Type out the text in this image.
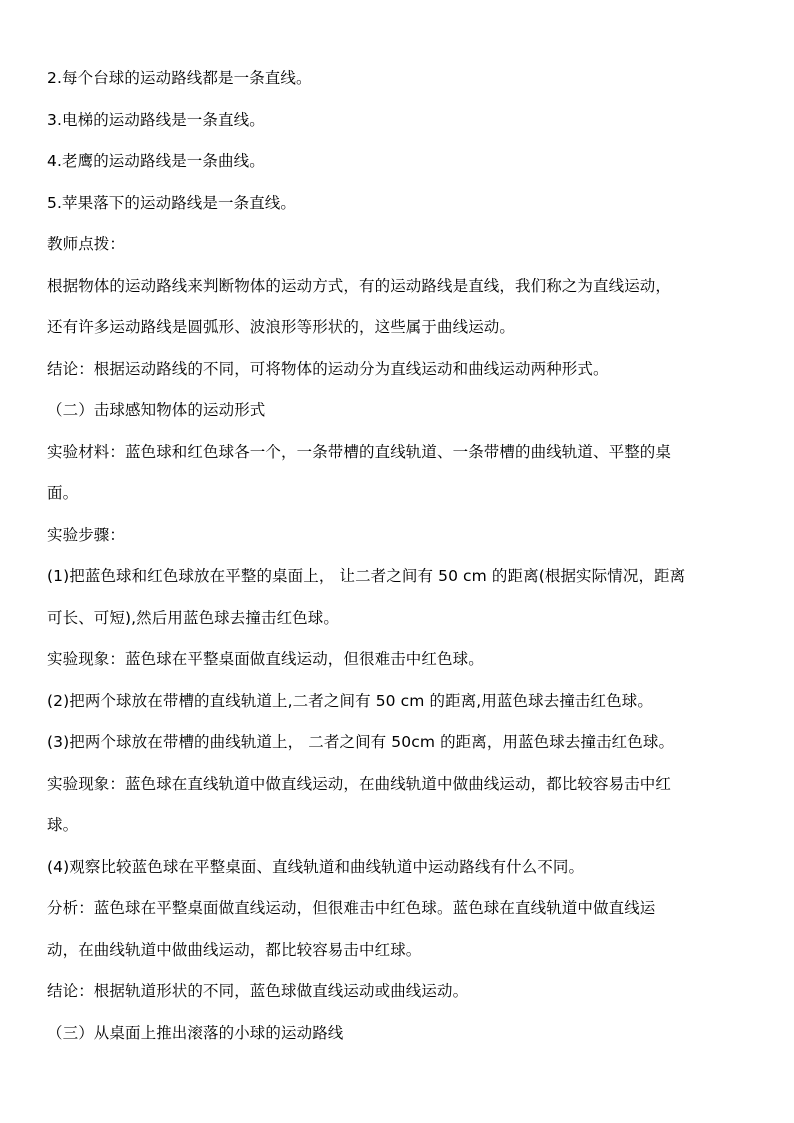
2.每个台球的运动路线都是一条直线。
3.电梯的运动路线是一条直线。
4.老鹰的运动路线是一条曲线。
5.苹果落下的运动路线是一条直线。
教师点拨：
根据物体的运动路线来判断物体的运动方式，有的运动路线是直线，我们称之为直线运动，
还有许多运动路线是圆弧形、波浪形等形状的，这些属于曲线运动。
结论：根据运动路线的不同，可将物体的运动分为直线运动和曲线运动两种形式。
（二）击球感知物体的运动形式
实验材料：蓝色球和红色球各一个，一条带槽的直线轨道、一条带槽的曲线轨道、平整的桌
面。
实验步骤：
(1)把蓝色球和红色球放在平整的桌面上， 让二者之间有 50 cm 的距离(根据实际情况，距离
可长、可短),然后用蓝色球去撞击红色球。
实验现象：蓝色球在平整桌面做直线运动，但很难击中红色球。
(2)把两个球放在带槽的直线轨道上,二者之间有 50 cm 的距离,用蓝色球去撞击红色球。
(3)把两个球放在带槽的曲线轨道上， 二者之间有 50cm 的距离，用蓝色球去撞击红色球。
实验现象：蓝色球在直线轨道中做直线运动，在曲线轨道中做曲线运动，都比较容易击中红
球。
(4)观察比较蓝色球在平整桌面、直线轨道和曲线轨道中运动路线有什么不同。
分析：蓝色球在平整桌面做直线运动，但很难击中红色球。蓝色球在直线轨道中做直线运
动，在曲线轨道中做曲线运动，都比较容易击中红球。
结论：根据轨道形状的不同，蓝色球做直线运动或曲线运动。
（三）从桌面上推出滚落的小球的运动路线
